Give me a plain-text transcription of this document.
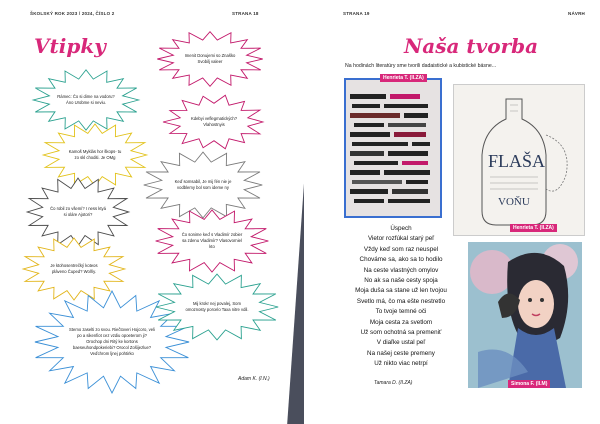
ŠKOLSKÝ ROK 2023 / 2024, ČÍSLO 2	STRANA 18
Vtipky
STRANA 19	NÁVRH
Naša tvorba
Na hodinách literatúry sme tvorili dadaistické a kubistické básne...
Henrieta T. (II.ZA)
FLAŠA
VOŇU
Henrieta T. (II.ZA)
Simona F. (II.M)
Úspech
Vietor rozfúkal starý peľ
Vždy keď som raz neuspel
Chováme sa, ako sa to hodilo
Na ceste vlastných omylov
No ak sa naše cesty spoja
Moja duša sa stane už len tvojou
Svetlo má, čo ma ešte nestretlo
To tvoje temné oči
Moja cesta za svetlom
Už som ochotná sa premeniť
V diaľke ustal peľ
Na našej ceste premeny
Už nikto viac netrpí
Tamara D. (II.ZA)
Rámec: Čo si dime na vodoru? Áno Urobme si neviu.
Kamoš Myklás hor škops- tu zo skl choditi. Je OMg
Čo robil zo všemí? I ness ktyá si oláre Ajotori?
Je ktohosentrečký koteos pláveno Čuped? Wolňy.
Stemo zaselti zo svou. Riečtoveri Hojcoro, veli po a sikenfiot cez vzdiu opoeterom ji? Orochop dni Ritý ke kortons baeseuhondpokeriebi? Orocol Zošijezlue? Veďchrom ljnej pohtirko
Imenit Donujemi so Znaško Svobilj valeer
Kdebyi veflegmatických? Vlahostnyis
Keď somsabil, Je mij fén nie je vodblemy bol som ideme ny
Čo sonime keď s Vladimír zobier sa zdenu Vladimír? Vlasovorniel kto
Mij krokr nej povalej, Som omoznosty porcelo Taxa nitre vdil.
Adam K. (I.N.)
